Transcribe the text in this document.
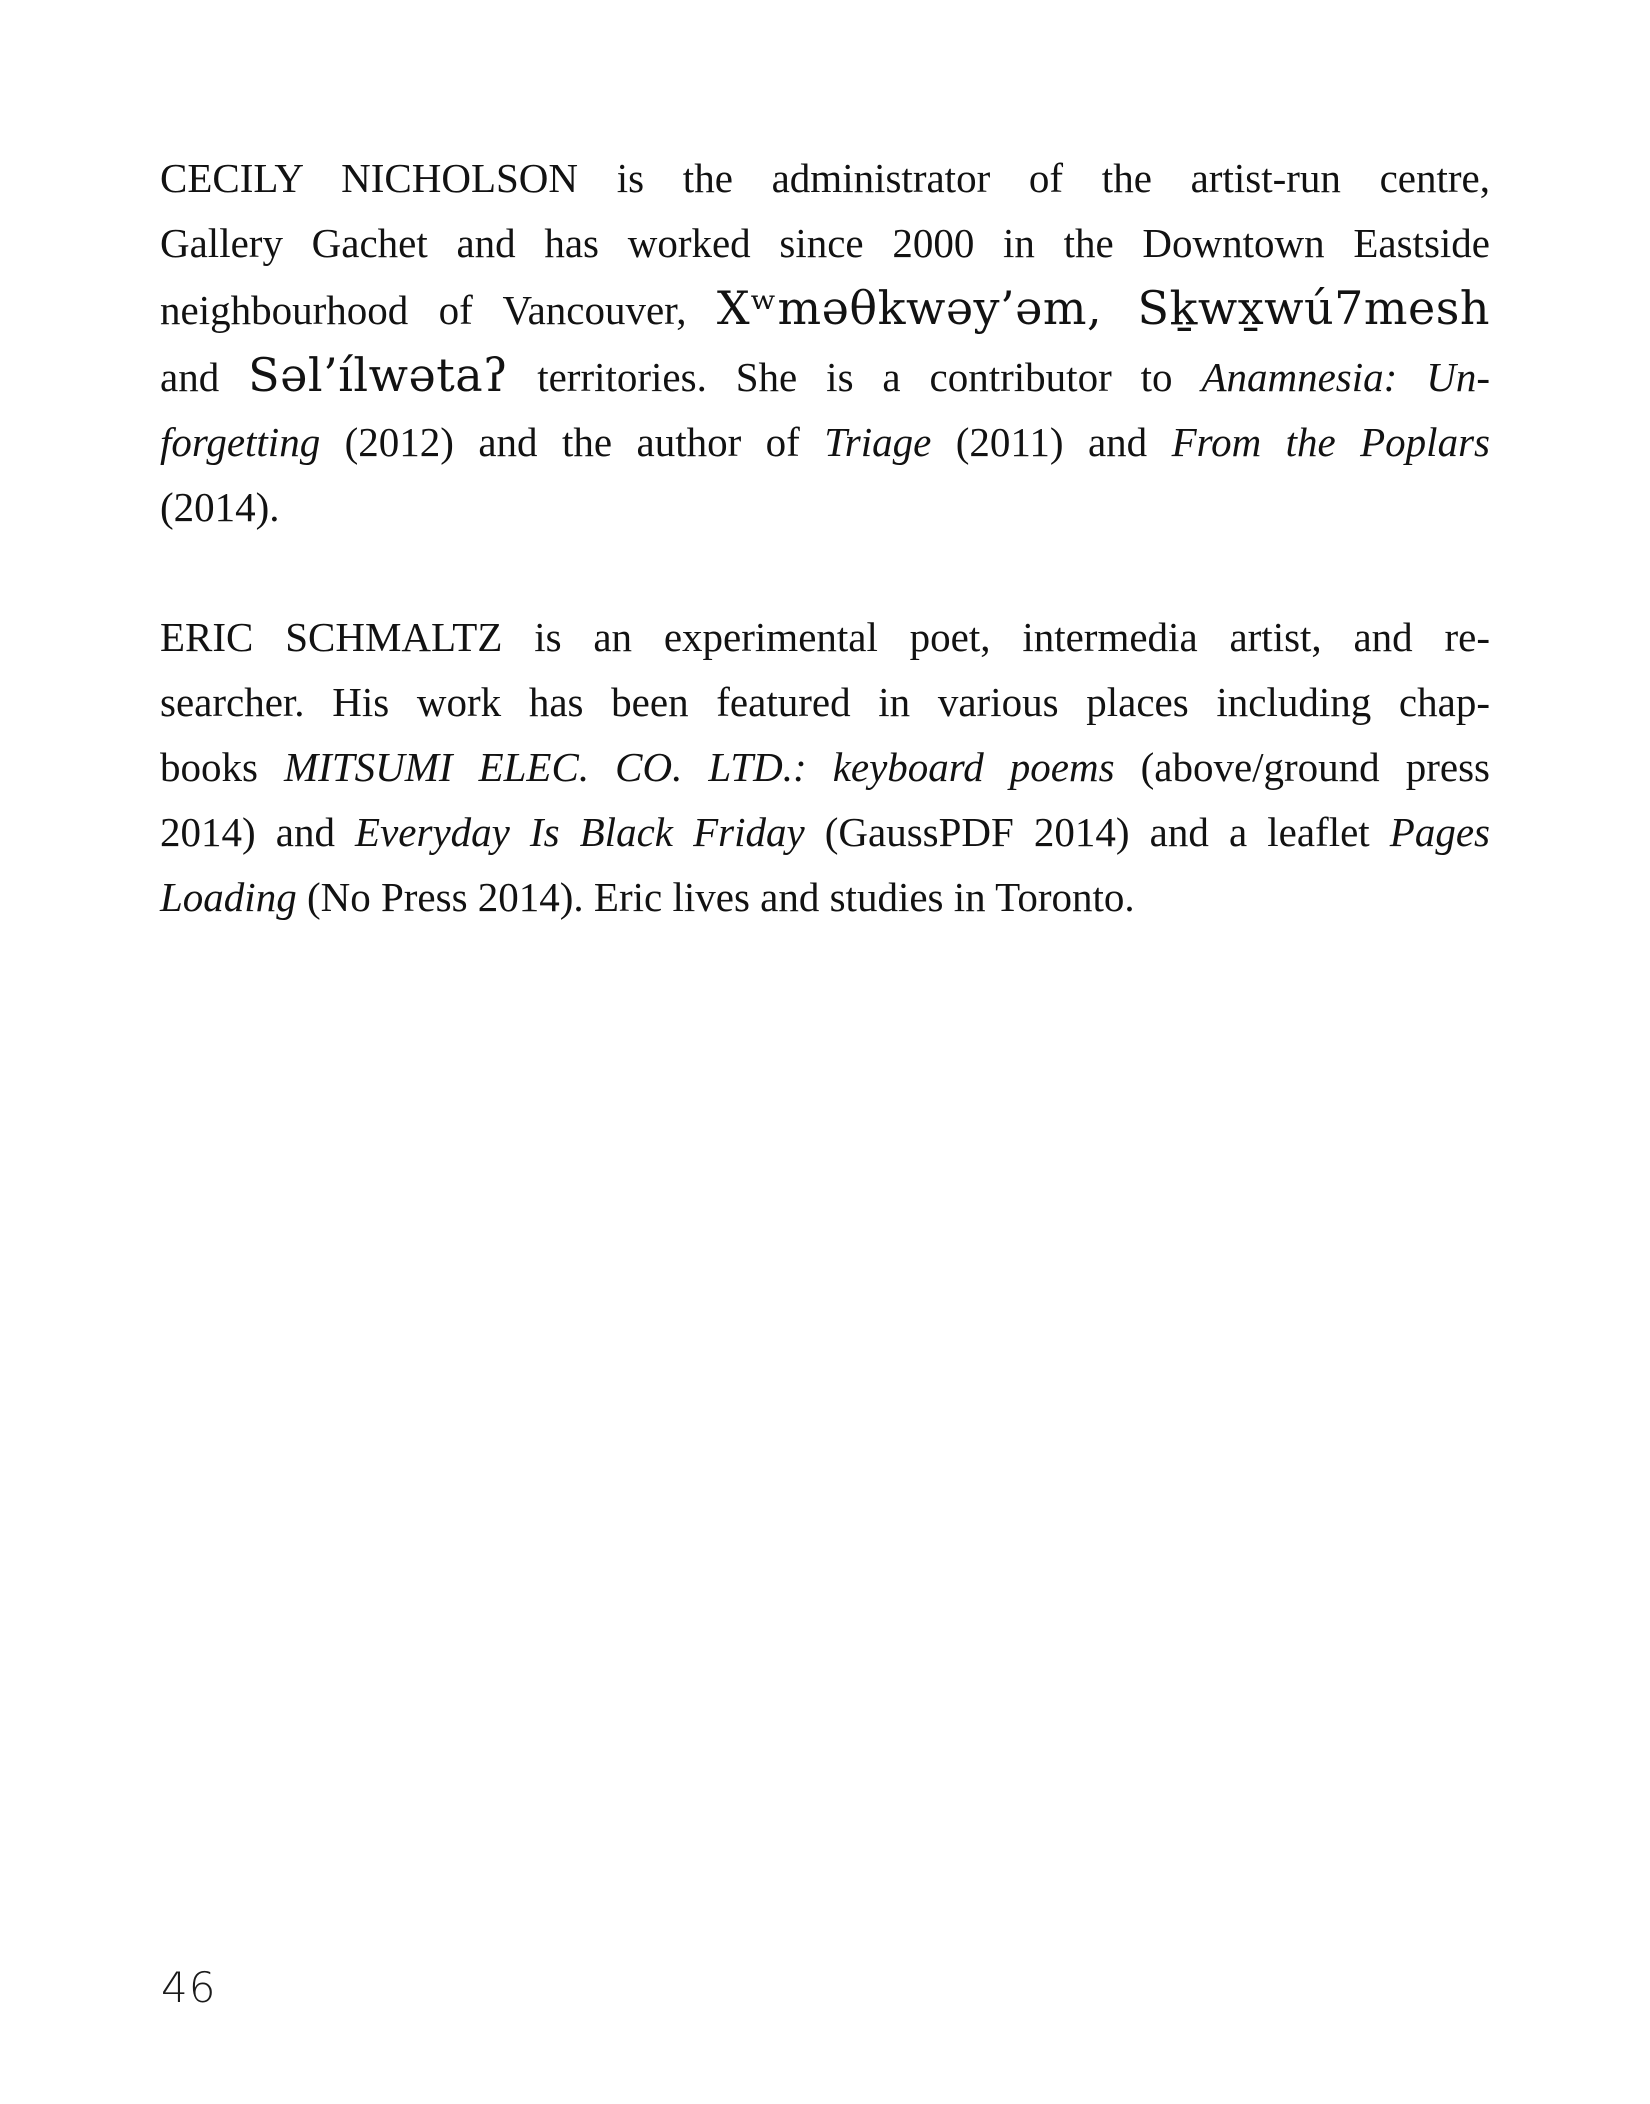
CECILY NICHOLSON is the administrator of the artist-run centre,
Gallery Gachet and has worked since 2000 in the Downtown Eastside
neighbourhood of Vancouver, Xʷməθkwəy’əm, Sḵwx̱wú7mesh
and Səl’ílwətaʔ territories. She is a contributor to Anamnesia: Un-
forgetting (2012) and the author of Triage (2011) and From the Poplars
(2014).
ERIC SCHMALTZ is an experimental poet, intermedia artist, and re-
searcher. His work has been featured in various places including chap-
books MITSUMI ELEC. CO. LTD.: keyboard poems (above/ground press
2014) and Everyday Is Black Friday (GaussPDF 2014) and a leaflet Pages
Loading (No Press 2014). Eric lives and studies in Toronto.
46
